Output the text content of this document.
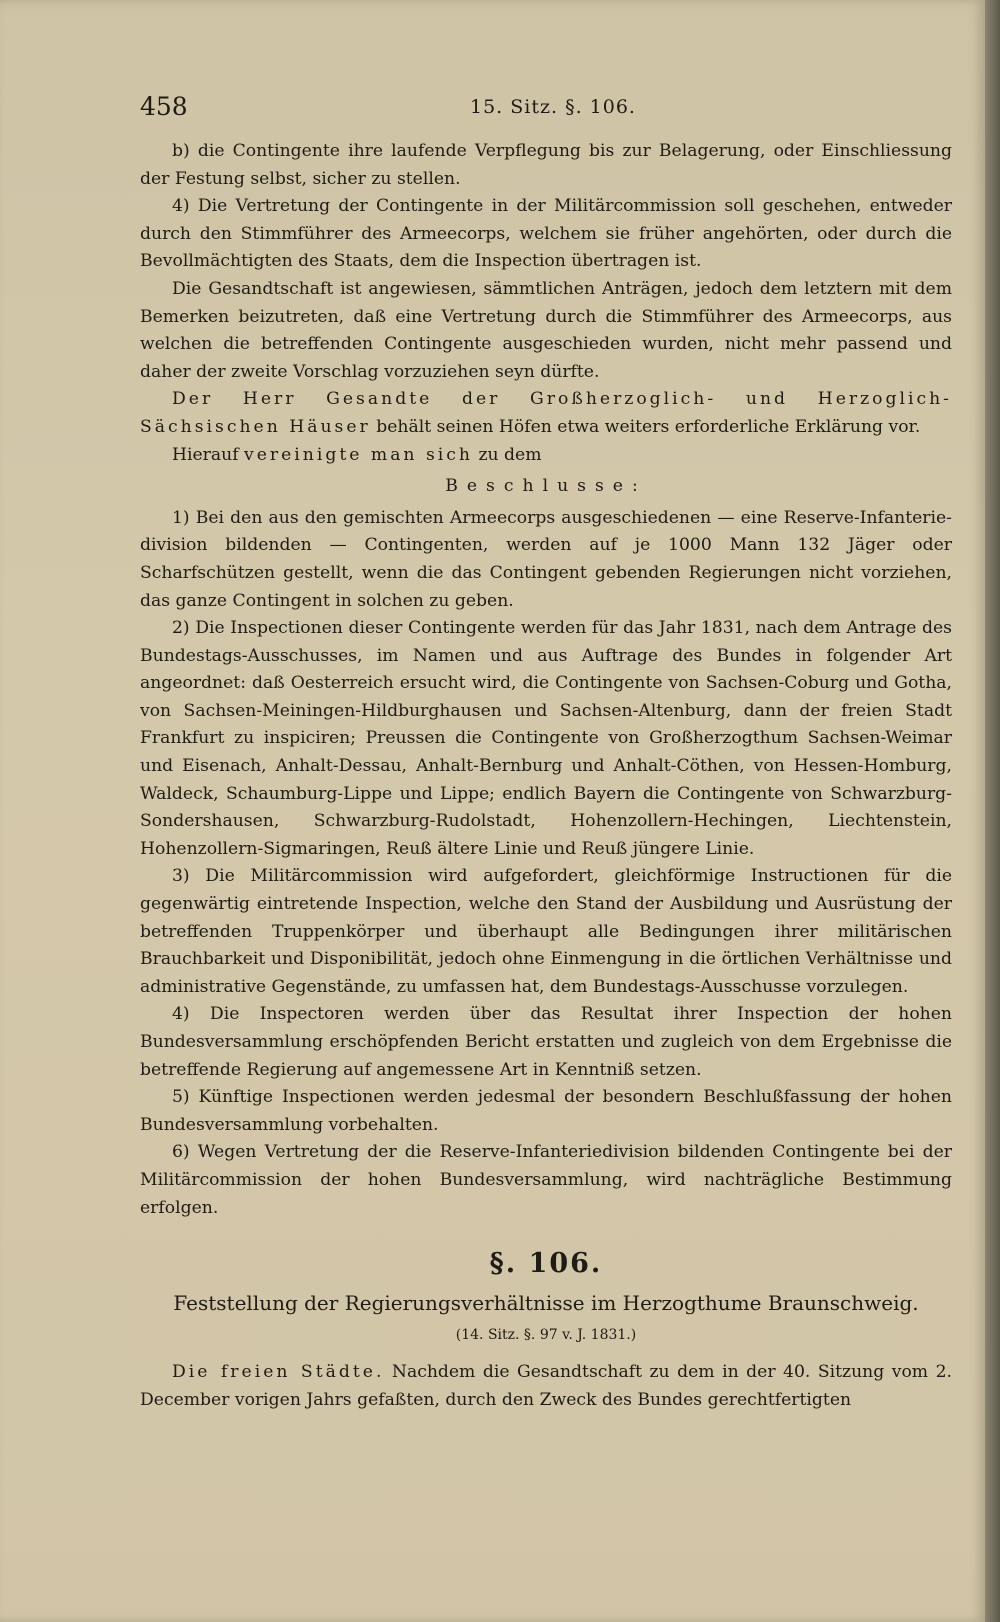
458	15. Sitz. §. 106.

b) die Contingente ihre laufende Verpflegung bis zur Belagerung, oder Einschliessung der Festung selbst, sicher zu stellen.

4) Die Vertretung der Contingente in der Militärcommission soll geschehen, entweder durch den Stimmführer des Armeecorps, welchem sie früher angehörten, oder durch die Bevollmächtigten des Staats, dem die Inspection übertragen ist.

Die Gesandtschaft ist angewiesen, sämmtlichen Anträgen, jedoch dem letztern mit dem Bemerken beizutreten, daß eine Vertretung durch die Stimmführer des Armeecorps, aus welchen die betreffenden Contingente ausgeschieden wurden, nicht mehr passend und daher der zweite Vorschlag vorzuziehen seyn dürfte.

Der Herr Gesandte der Großherzoglich- und Herzoglich-Sächsischen Häuser behält seinen Höfen etwa weiters erforderliche Erklärung vor.

Hierauf vereinigte man sich zu dem

Beschlusse:

1) Bei den aus den gemischten Armeecorps ausgeschiedenen — eine Reserve-Infanterie-division bildenden — Contingenten, werden auf je 1000 Mann 132 Jäger oder Scharfschützen gestellt, wenn die das Contingent gebenden Regierungen nicht vorziehen, das ganze Contingent in solchen zu geben.

2) Die Inspectionen dieser Contingente werden für das Jahr 1831, nach dem Antrage des Bundestags-Ausschusses, im Namen und aus Auftrage des Bundes in folgender Art angeordnet: daß Oesterreich ersucht wird, die Contingente von Sachsen-Coburg und Gotha, von Sachsen-Meiningen-Hildburghausen und Sachsen-Altenburg, dann der freien Stadt Frankfurt zu inspiciren; Preussen die Contingente von Großherzogthum Sachsen-Weimar und Eisenach, Anhalt-Dessau, Anhalt-Bernburg und Anhalt-Cöthen, von Hessen-Homburg, Waldeck, Schaumburg-Lippe und Lippe; endlich Bayern die Contingente von Schwarzburg-Sondershausen, Schwarzburg-Rudolstadt, Hohenzollern-Hechingen, Liechtenstein, Hohenzollern-Sigmaringen, Reuß ältere Linie und Reuß jüngere Linie.

3) Die Militärcommission wird aufgefordert, gleichförmige Instructionen für die gegenwärtig eintretende Inspection, welche den Stand der Ausbildung und Ausrüstung der betreffenden Truppenkörper und überhaupt alle Bedingungen ihrer militärischen Brauchbarkeit und Disponibilität, jedoch ohne Einmengung in die örtlichen Verhältnisse und administrative Gegenstände, zu umfassen hat, dem Bundestags-Ausschusse vorzulegen.

4) Die Inspectoren werden über das Resultat ihrer Inspection der hohen Bundesversammlung erschöpfenden Bericht erstatten und zugleich von dem Ergebnisse die betreffende Regierung auf angemessene Art in Kenntniß setzen.

5) Künftige Inspectionen werden jedesmal der besondern Beschlußfassung der hohen Bundesversammlung vorbehalten.

6) Wegen Vertretung der die Reserve-Infanteriedivision bildenden Contingente bei der Militärcommission der hohen Bundesversammlung, wird nachträgliche Bestimmung erfolgen.

§. 106.

Feststellung der Regierungsverhältnisse im Herzogthume Braunschweig.

(14. Sitz. §. 97 v. J. 1831.)

Die freien Städte. Nachdem die Gesandtschaft zu dem in der 40. Sitzung vom 2. December vorigen Jahrs gefaßten, durch den Zweck des Bundes gerechtfertigten
